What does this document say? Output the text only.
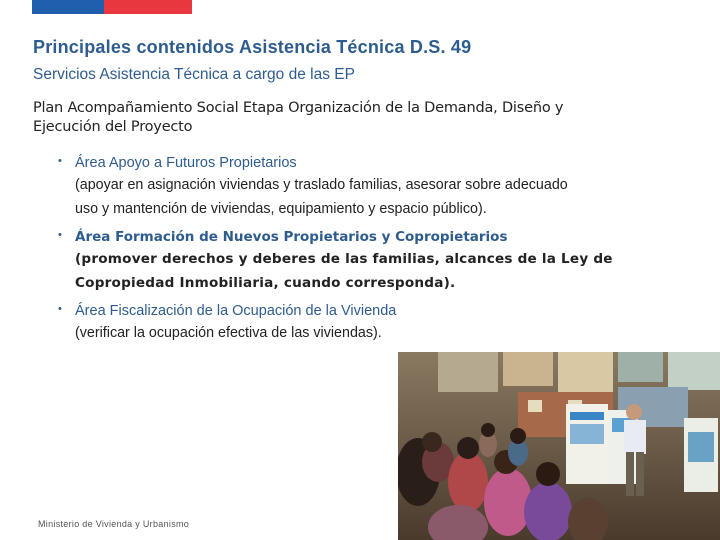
Principales contenidos Asistencia Técnica D.S. 49
Servicios Asistencia Técnica a cargo de las EP
Plan Acompañamiento Social Etapa Organización de la Demanda, Diseño y
Ejecución del Proyecto
• Área Apoyo a Futuros Propietarios
(apoyar en asignación viviendas y traslado familias, asesorar sobre adecuado
uso y mantención de viviendas, equipamiento y espacio público).
• Área Formación de Nuevos Propietarios y Copropietarios
(promover derechos y deberes de las familias, alcances de la Ley de
Copropiedad Inmobiliaria, cuando corresponda).
• Área Fiscalización de la Ocupación de la Vivienda
(verificar la ocupación efectiva de las viviendas).
Ministerio de Vivienda y Urbanismo
